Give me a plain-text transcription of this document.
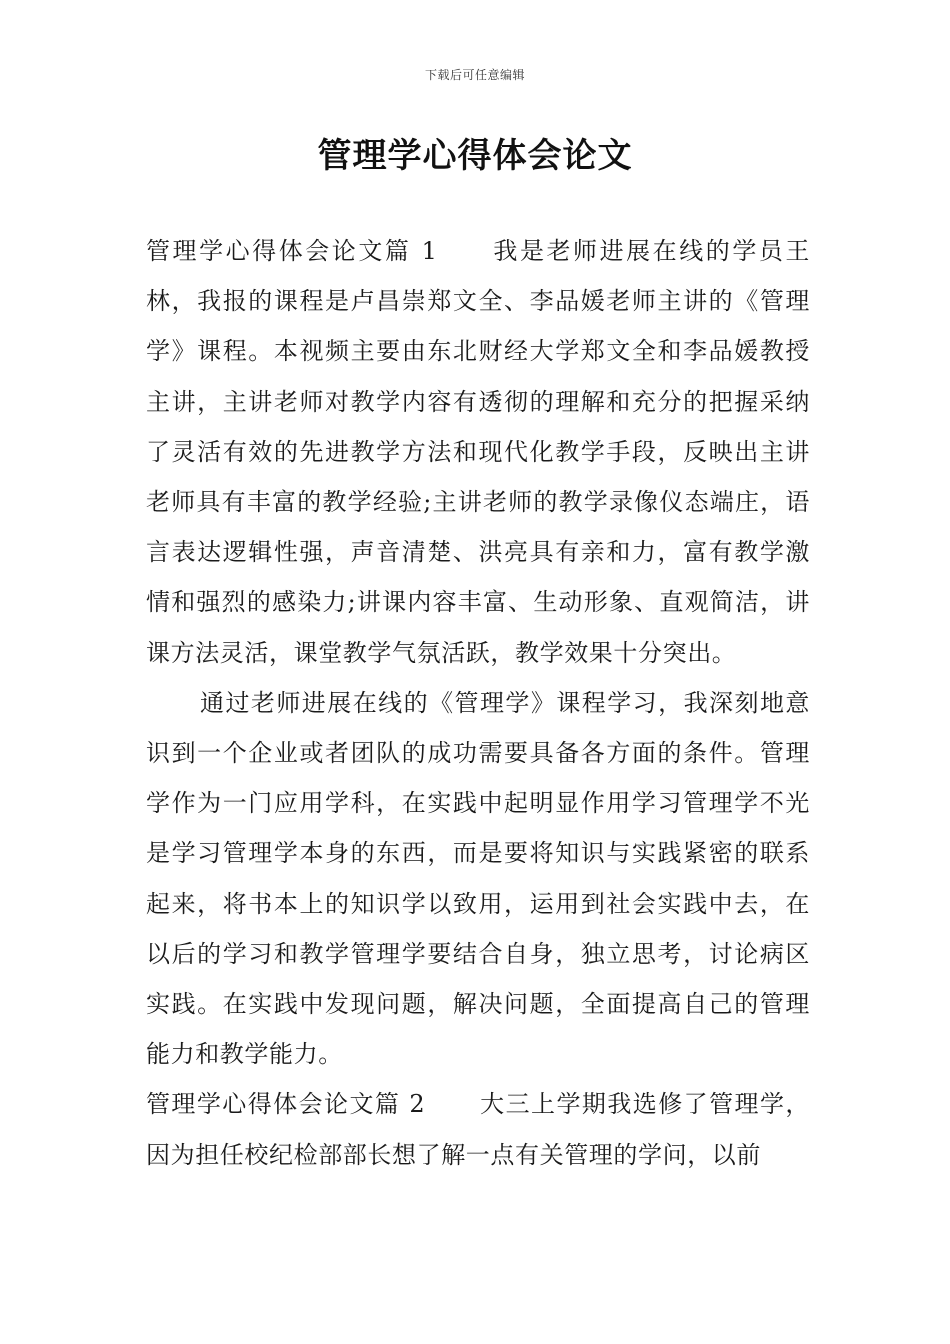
下载后可任意编辑
管理学心得体会论文

管理学心得体会论文篇 1 我是老师进展在线的学员王林，我报的课程是卢昌崇郑文全、李品媛老师主讲的《管理学》课程。本视频主要由东北财经大学郑文全和李品媛教授主讲，主讲老师对教学内容有透彻的理解和充分的把握采纳了灵活有效的先进教学方法和现代化教学手段，反映出主讲老师具有丰富的教学经验;主讲老师的教学录像仪态端庄，语言表达逻辑性强，声音清楚、洪亮具有亲和力，富有教学激情和强烈的感染力;讲课内容丰富、生动形象、直观简洁，讲课方法灵活，课堂教学气氛活跃，教学效果十分突出。

通过老师进展在线的《管理学》课程学习，我深刻地意识到一个企业或者团队的成功需要具备各方面的条件。管理学作为一门应用学科，在实践中起明显作用学习管理学不光是学习管理学本身的东西，而是要将知识与实践紧密的联系起来，将书本上的知识学以致用，运用到社会实践中去，在以后的学习和教学管理学要结合自身，独立思考，讨论病区实践。在实践中发现问题，解决问题，全面提高自己的管理能力和教学能力。

管理学心得体会论文篇 2 大三上学期我选修了管理学，因为担任校纪检部部长想了解一点有关管理的学问，以前
